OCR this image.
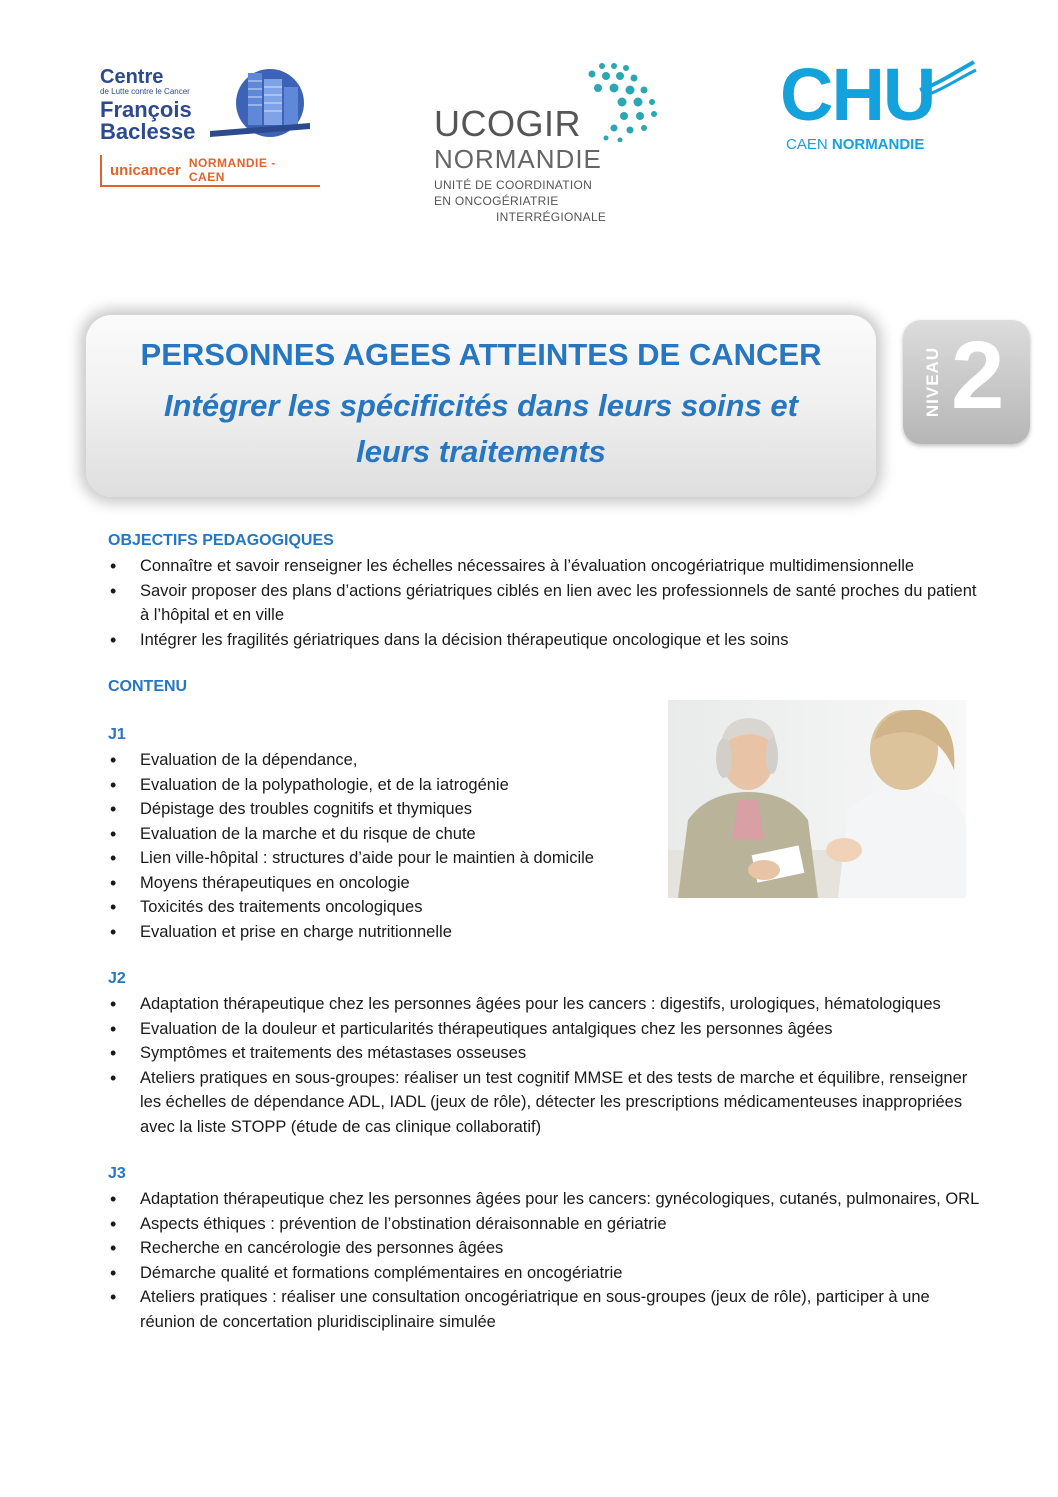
Centre
de Lutte contre le Cancer
François
Baclesse
unicancer NORMANDIE - CAEN
UCOGIR
NORMANDIE
UNITÉ DE COORDINATION
EN ONCOGÉRIATRIE
INTERRÉGIONALE
CHU
CAEN NORMANDIE
PERSONNES AGEES ATTEINTES DE CANCER
Intégrer les spécificités dans leurs soins et leurs traitements
NIVEAU 2
OBJECTIFS PEDAGOGIQUES
• Connaître et savoir renseigner les échelles nécessaires à l’évaluation oncogériatrique multidimensionnelle
• Savoir proposer des plans d’actions gériatriques ciblés en lien avec les professionnels de santé proches du patient à l’hôpital et en ville
• Intégrer les fragilités gériatriques dans la décision thérapeutique oncologique et les soins
CONTENU
J1
• Evaluation de la dépendance,
• Evaluation de la polypathologie, et de la iatrogénie
• Dépistage des troubles cognitifs et thymiques
• Evaluation de la marche et du risque de chute
• Lien ville-hôpital : structures d’aide pour le maintien à domicile
• Moyens thérapeutiques en oncologie
• Toxicités des traitements oncologiques
• Evaluation et prise en charge nutritionnelle
J2
• Adaptation thérapeutique chez les personnes âgées pour les cancers : digestifs, urologiques, hématologiques
• Evaluation de la douleur et particularités thérapeutiques antalgiques chez les personnes âgées
• Symptômes et traitements des métastases osseuses
• Ateliers pratiques en sous-groupes: réaliser un test cognitif MMSE et des tests de marche et équilibre, renseigner les échelles de dépendance ADL, IADL (jeux de rôle), détecter les prescriptions médicamenteuses inappropriées avec la liste STOPP (étude de cas clinique collaboratif)
J3
• Adaptation thérapeutique chez les personnes âgées pour les cancers: gynécologiques, cutanés, pulmonaires, ORL
• Aspects éthiques : prévention de l’obstination déraisonnable en gériatrie
• Recherche en cancérologie des personnes âgées
• Démarche qualité et formations complémentaires en oncogériatrie
• Ateliers pratiques : réaliser une consultation oncogériatrique en sous-groupes (jeux de rôle), participer à une réunion de concertation pluridisciplinaire simulée
